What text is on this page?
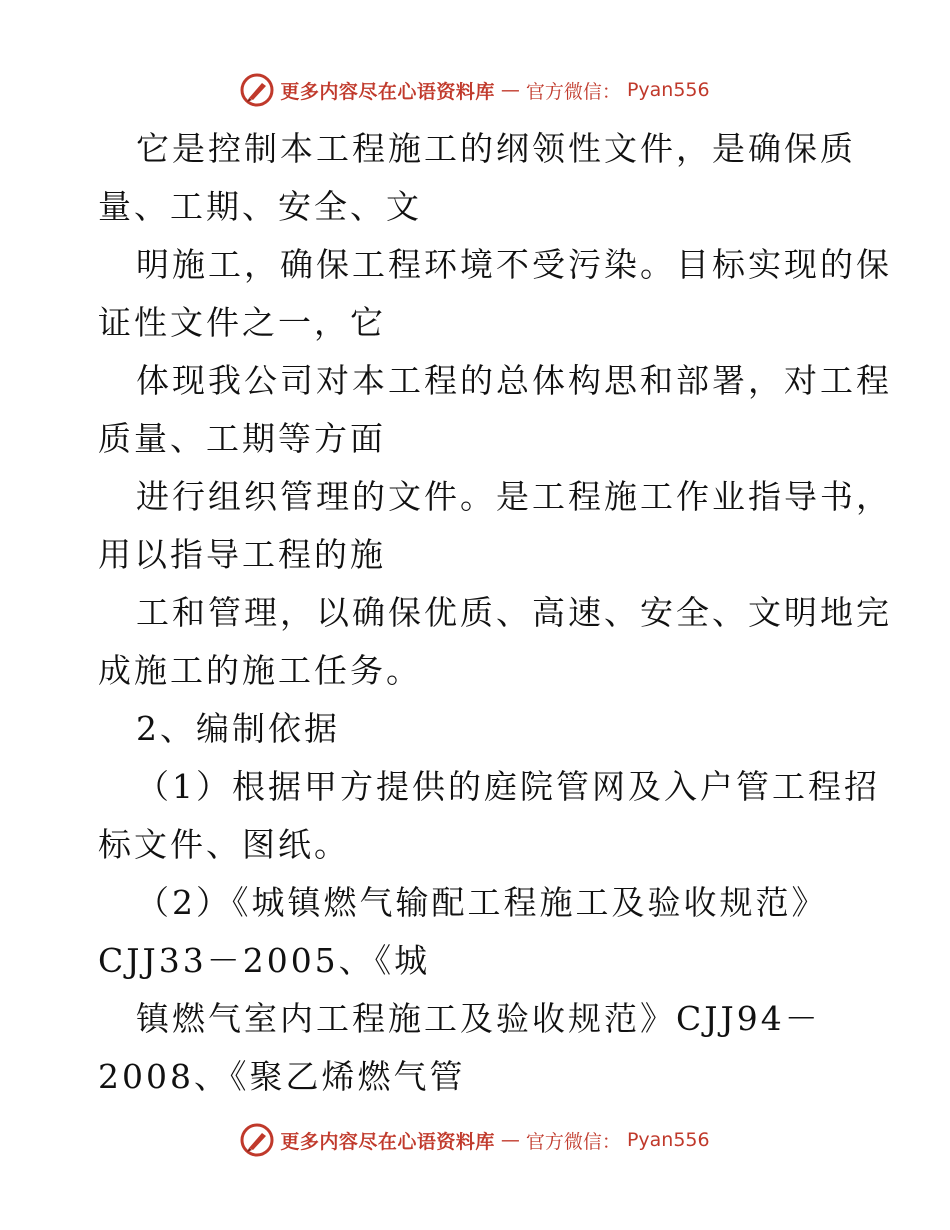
更多内容尽在心语资料库 — 官方微信： Pyan556
它是控制本工程施工的纲领性文件，是确保质
量、工期、安全、文
明施工，确保工程环境不受污染。目标实现的保
证性文件之一，它
体现我公司对本工程的总体构思和部署，对工程
质量、工期等方面
进行组织管理的文件。是工程施工作业指导书，
用以指导工程的施
工和管理，以确保优质、高速、安全、文明地完
成施工的施工任务。
2、编制依据
（1）根据甲方提供的庭院管网及入户管工程招
标文件、图纸。
（2）《城镇燃气输配工程施工及验收规范》
CJJ33－2005、《城
镇燃气室内工程施工及验收规范》CJJ94－
2008、《聚乙烯燃气管
更多内容尽在心语资料库 — 官方微信： Pyan556
